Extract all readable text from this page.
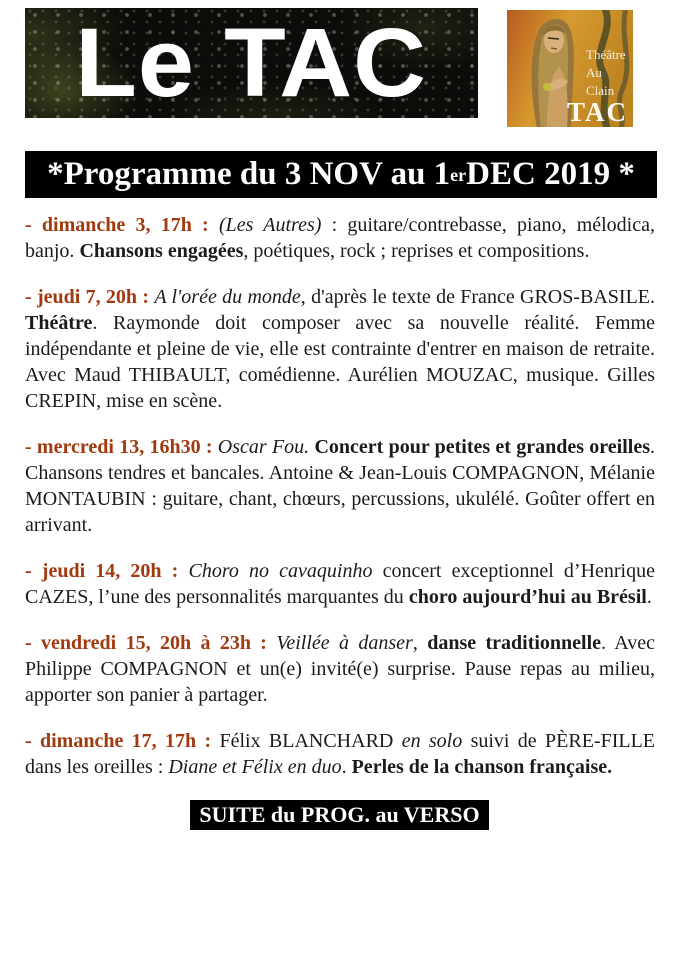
Le TAC	Théâtre
Au
Clain
TAC
*Programme du 3 NOV au 1 er DEC 2019 *

- dimanche 3, 17h : (Les Autres) : guitare/contrebasse, piano, mélodica, banjo. Chansons engagées, poétiques, rock ; reprises et compositions.

- jeudi 7, 20h : A l'orée du monde, d'après le texte de France GROS-BASILE. Théâtre. Raymonde doit composer avec sa nouvelle réalité. Femme indépendante et pleine de vie, elle est contrainte d'entrer en maison de retraite. Avec Maud THIBAULT, comédienne. Aurélien MOUZAC, musique. Gilles CREPIN, mise en scène.

- mercredi 13, 16h30 : Oscar Fou. Concert pour petites et grandes oreilles. Chansons tendres et bancales. Antoine & Jean-Louis COMPAGNON, Mélanie MONTAUBIN : guitare, chant, chœurs, percussions, ukulélé. Goûter offert en arrivant.

- jeudi 14, 20h : Choro no cavaquinho concert exceptionnel d’Henrique CAZES, l’une des personnalités marquantes du choro aujourd’hui au Brésil.

- vendredi 15, 20h à 23h : Veillée à danser, danse traditionnelle. Avec Philippe COMPAGNON et un(e) invité(e) surprise. Pause repas au milieu, apporter son panier à partager.

- dimanche 17, 17h : Félix BLANCHARD en solo suivi de PÈRE-FILLE dans les oreilles : Diane et Félix en duo. Perles de la chanson française.

SUITE du PROG. au VERSO
